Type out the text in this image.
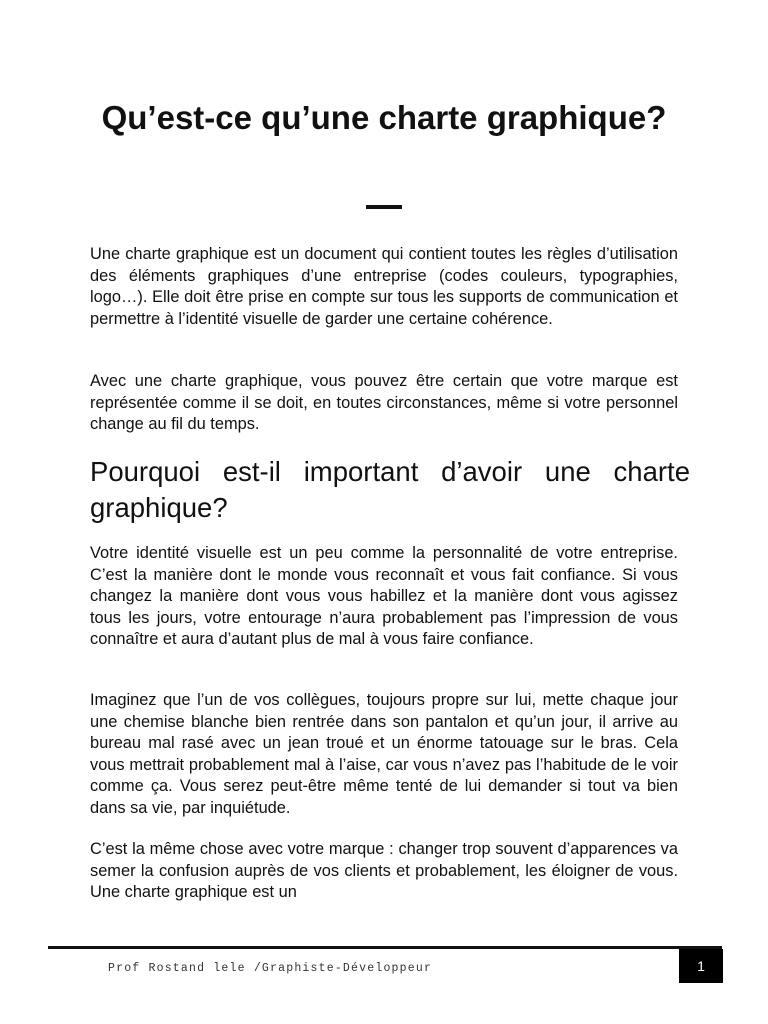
Qu’est-ce qu’une charte graphique?

Une charte graphique est un document qui contient toutes les règles d’utilisation des éléments graphiques d’une entreprise (codes couleurs, typographies, logo…). Elle doit être prise en compte sur tous les supports de communication et permettre à l’identité visuelle de garder une certaine cohérence.

Avec une charte graphique, vous pouvez être certain que votre marque est représentée comme il se doit, en toutes circonstances, même si votre personnel change au fil du temps.

Pourquoi est-il important d’avoir une charte graphique?

Votre identité visuelle est un peu comme la personnalité de votre entreprise. C’est la manière dont le monde vous reconnaît et vous fait confiance. Si vous changez la manière dont vous vous habillez et la manière dont vous agissez tous les jours, votre entourage n’aura probablement pas l’impression de vous connaître et aura d’autant plus de mal à vous faire confiance.

Imaginez que l’un de vos collègues, toujours propre sur lui, mette chaque jour une chemise blanche bien rentrée dans son pantalon et qu’un jour, il arrive au bureau mal rasé avec un jean troué et un énorme tatouage sur le bras. Cela vous mettrait probablement mal à l’aise, car vous n’avez pas l’habitude de le voir comme ça. Vous serez peut-être même tenté de lui demander si tout va bien dans sa vie, par inquiétude.

C’est la même chose avec votre marque : changer trop souvent d’apparences va semer la confusion auprès de vos clients et probablement, les éloigner de vous. Une charte graphique est un

Prof Rostand lele /Graphiste-Développeur	1
